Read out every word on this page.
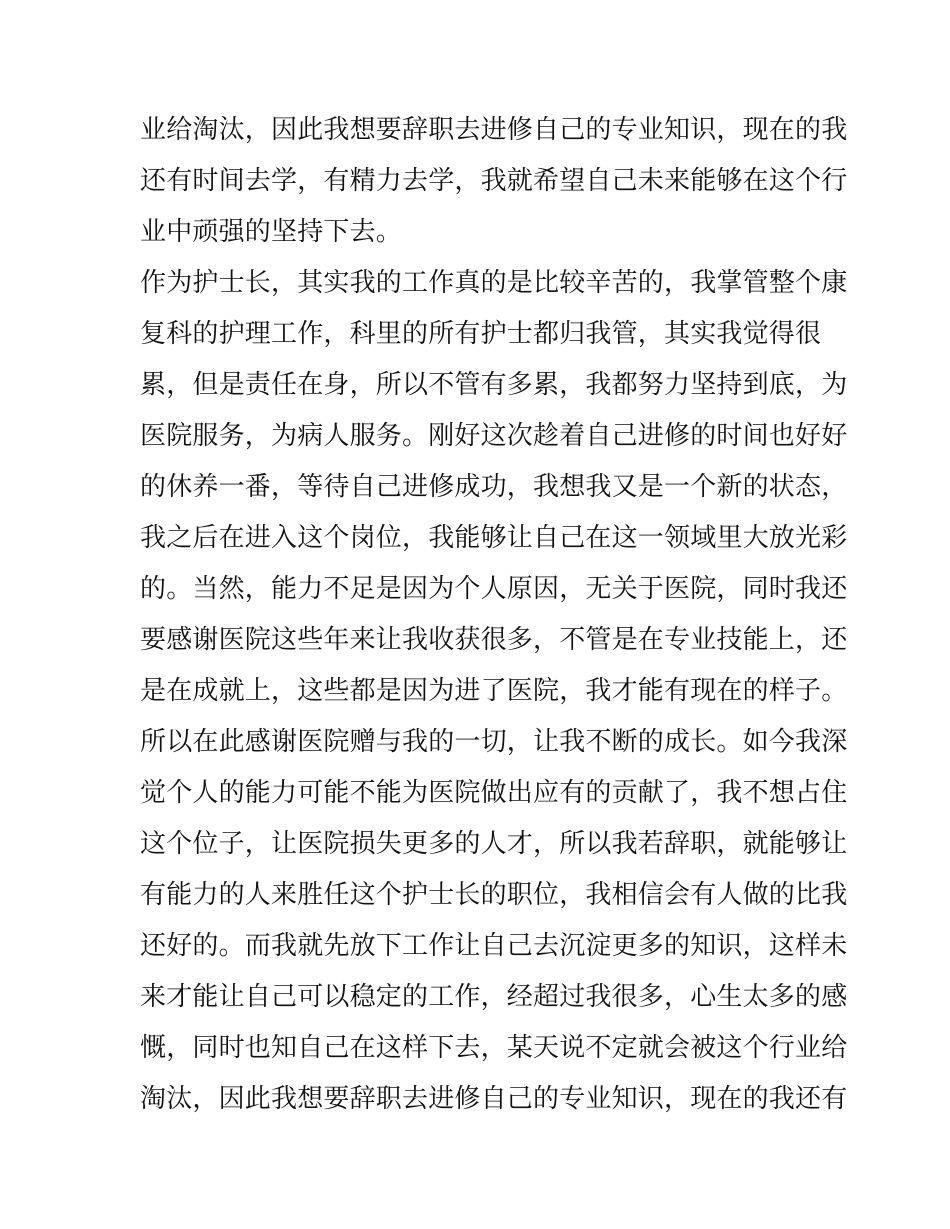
业给淘汰，因此我想要辞职去进修自己的专业知识，现在的我
还有时间去学，有精力去学，我就希望自己未来能够在这个行
业中顽强的坚持下去。
作为护士长，其实我的工作真的是比较辛苦的，我掌管整个康
复科的护理工作，科里的所有护士都归我管，其实我觉得很
累，但是责任在身，所以不管有多累，我都努力坚持到底，为
医院服务，为病人服务。刚好这次趁着自己进修的时间也好好
的休养一番，等待自己进修成功，我想我又是一个新的状态，
我之后在进入这个岗位，我能够让自己在这一领域里大放光彩
的。当然，能力不足是因为个人原因，无关于医院，同时我还
要感谢医院这些年来让我收获很多，不管是在专业技能上，还
是在成就上，这些都是因为进了医院，我才能有现在的样子。
所以在此感谢医院赠与我的一切，让我不断的成长。如今我深
觉个人的能力可能不能为医院做出应有的贡献了，我不想占住
这个位子，让医院损失更多的人才，所以我若辞职，就能够让
有能力的人来胜任这个护士长的职位，我相信会有人做的比我
还好的。而我就先放下工作让自己去沉淀更多的知识，这样未
来才能让自己可以稳定的工作，经超过我很多，心生太多的感
慨，同时也知自己在这样下去，某天说不定就会被这个行业给
淘汰，因此我想要辞职去进修自己的专业知识，现在的我还有
